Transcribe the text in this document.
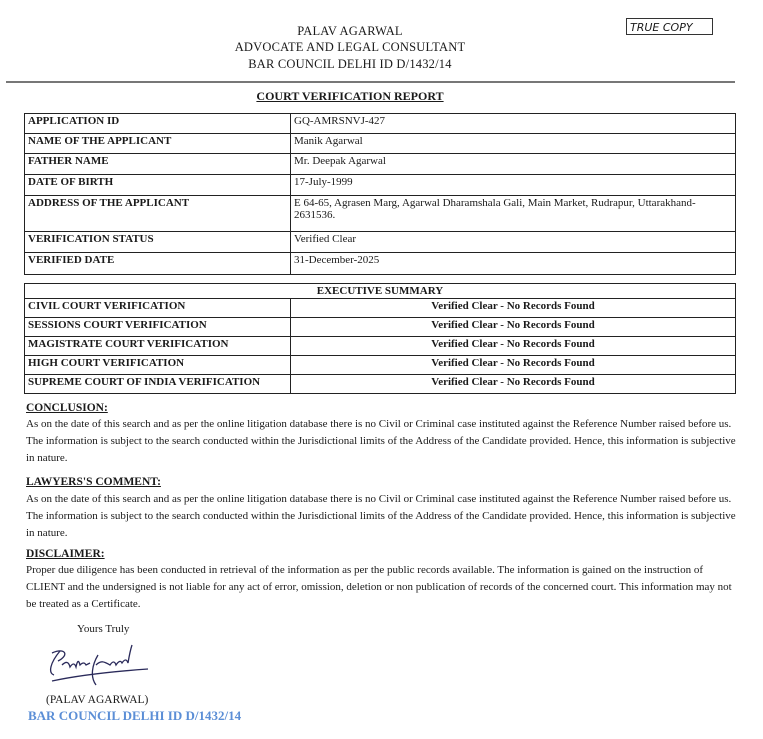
PALAV AGARWAL
ADVOCATE AND LEGAL CONSULTANT
BAR COUNCIL DELHI ID D/1432/14
TRUE COPY
COURT VERIFICATION REPORT
APPLICATION ID	GQ-AMRSNVJ-427
NAME OF THE APPLICANT	Manik Agarwal
FATHER NAME	Mr. Deepak Agarwal
DATE OF BIRTH	17-July-1999
ADDRESS OF THE APPLICANT	E 64-65, Agrasen Marg, Agarwal Dharamshala Gali, Main Market, Rudrapur, Uttarakhand-2631536.
VERIFICATION STATUS	Verified Clear
VERIFIED DATE	31-December-2025
EXECUTIVE SUMMARY	
CIVIL COURT VERIFICATION	Verified Clear - No Records Found
SESSIONS COURT VERIFICATION	Verified Clear - No Records Found
MAGISTRATE COURT VERIFICATION	Verified Clear - No Records Found
HIGH COURT VERIFICATION	Verified Clear - No Records Found
SUPREME COURT OF INDIA VERIFICATION	Verified Clear - No Records Found
CONCLUSION:
As on the date of this search and as per the online litigation database there is no Civil or Criminal case instituted against the Reference Number raised before us. The information is subject to the search conducted within the Jurisdictional limits of the Address of the Candidate provided. Hence, this information is subjective in nature.
LAWYERS'S COMMENT:
As on the date of this search and as per the online litigation database there is no Civil or Criminal case instituted against the Reference Number raised before us. The information is subject to the search conducted within the Jurisdictional limits of the Address of the Candidate provided. Hence, this information is subjective in nature.
DISCLAIMER:
Proper due diligence has been conducted in retrieval of the information as per the public records available. The information is gained on the instruction of CLIENT and the undersigned is not liable for any act of error, omission, deletion or non publication of records of the concerned court. This information may not be treated as a Certificate.
Yours Truly
(PALAV AGARWAL)
BAR COUNCIL DELHI ID D/1432/14
